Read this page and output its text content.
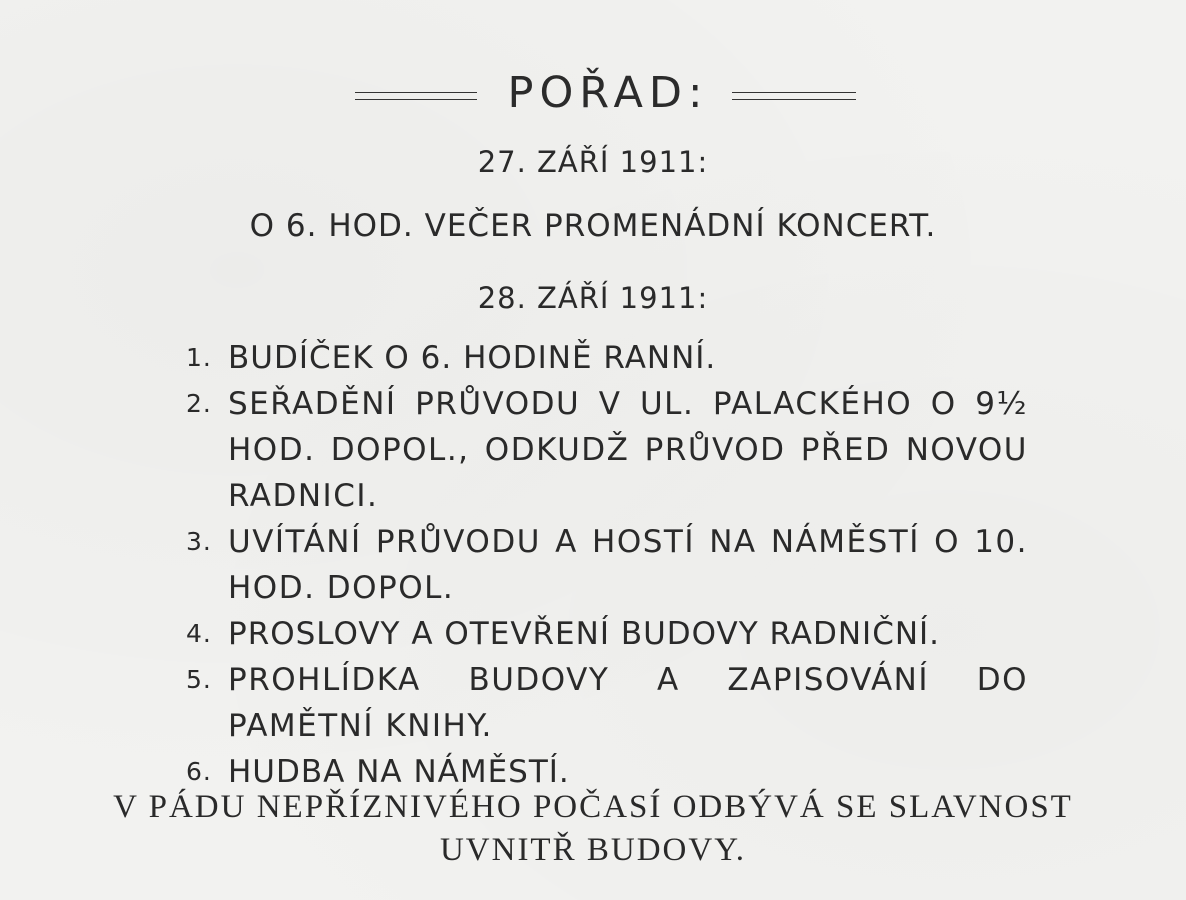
POŘAD:
27. ZÁŘÍ 1911:
O 6. HOD. VEČER PROMENÁDNÍ KONCERT.
28. ZÁŘÍ 1911:
1. BUDÍČEK O 6. HODINĚ RANNÍ.
2. SEŘADĚNÍ PRŮVODU V UL. PALACKÉHO O 9½ HOD. DOPOL., ODKUDŽ PRŮVOD PŘED NOVOU RADNICI.
3. UVÍTÁNÍ PRŮVODU A HOSTÍ NA NÁMĚSTÍ O 10. HOD. DOPOL.
4. PROSLOVY A OTEVŘENÍ BUDOVY RADNIČNÍ.
5. PROHLÍDKA BUDOVY A ZAPISOVÁNÍ DO PAMĚTNÍ KNIHY.
6. HUDBA NA NÁMĚSTÍ.
V PÁDU NEPŘÍZNIVÉHO POČASÍ ODBÝVÁ SE SLAVNOST UVNITŘ BUDOVY.
